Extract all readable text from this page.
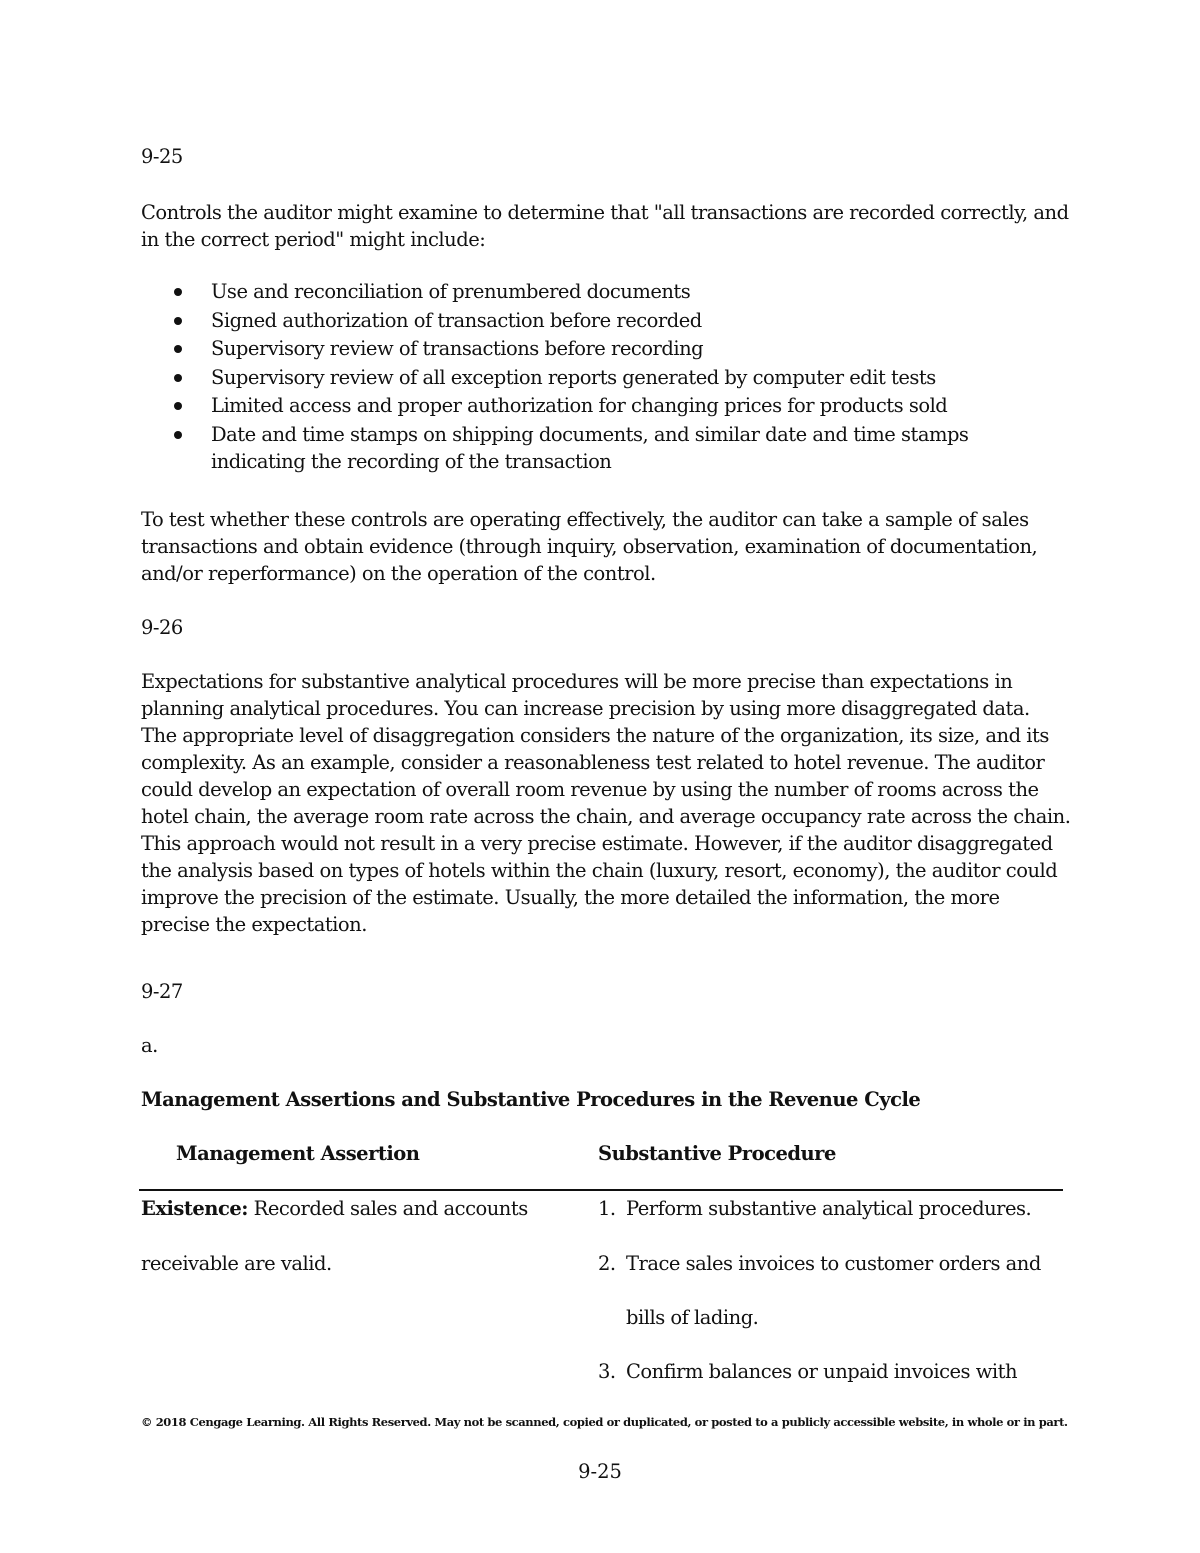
9-25
Controls the auditor might examine to determine that "all transactions are recorded correctly, and
in the correct period" might include:
Use and reconciliation of prenumbered documents
Signed authorization of transaction before recorded
Supervisory review of transactions before recording
Supervisory review of all exception reports generated by computer edit tests
Limited access and proper authorization for changing prices for products sold
Date and time stamps on shipping documents, and similar date and time stamps
indicating the recording of the transaction
To test whether these controls are operating effectively, the auditor can take a sample of sales
transactions and obtain evidence (through inquiry, observation, examination of documentation,
and/or reperformance) on the operation of the control.
9-26
Expectations for substantive analytical procedures will be more precise than expectations in
planning analytical procedures. You can increase precision by using more disaggregated data.
The appropriate level of disaggregation considers the nature of the organization, its size, and its
complexity. As an example, consider a reasonableness test related to hotel revenue. The auditor
could develop an expectation of overall room revenue by using the number of rooms across the
hotel chain, the average room rate across the chain, and average occupancy rate across the chain.
This approach would not result in a very precise estimate. However, if the auditor disaggregated
the analysis based on types of hotels within the chain (luxury, resort, economy), the auditor could
improve the precision of the estimate. Usually, the more detailed the information, the more
precise the expectation.
9-27
a.
Management Assertions and Substantive Procedures in the Revenue Cycle
Management Assertion	Substantive Procedure
Existence: Recorded sales and accounts
receivable are valid.
1. Perform substantive analytical procedures.
2. Trace sales invoices to customer orders and
bills of lading.
3. Confirm balances or unpaid invoices with
© 2018 Cengage Learning. All Rights Reserved. May not be scanned, copied or duplicated, or posted to a publicly accessible website, in whole or in part.
9-25
